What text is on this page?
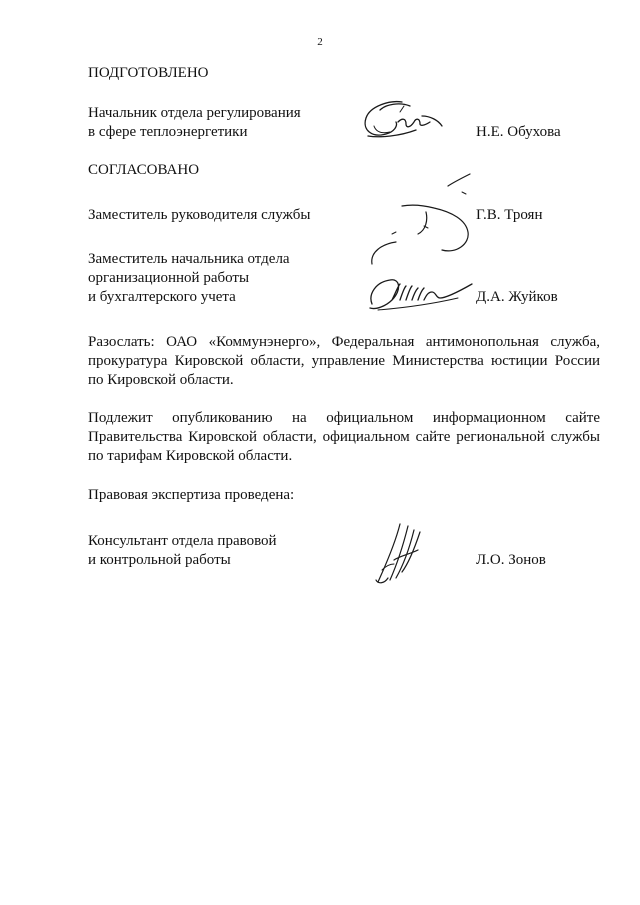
2
ПОДГОТОВЛЕНО
Начальник отдела регулирования
в сфере теплоэнергетики	Н.Е. Обухова
СОГЛАСОВАНО
Заместитель руководителя службы	Г.В. Троян
Заместитель начальника отдела
организационной работы
и бухгалтерского учета	Д.А. Жуйков
Разослать: ОАО «Коммунэнерго», Федеральная антимонопольная служба,
прокуратура Кировской области, управление Министерства юстиции России
по Кировской области.
Подлежит опубликованию на официальном информационном сайте
Правительства Кировской области, официальном сайте региональной службы
по тарифам Кировской области.
Правовая экспертиза проведена:
Консультант отдела правовой
и контрольной работы	Л.О. Зонов
